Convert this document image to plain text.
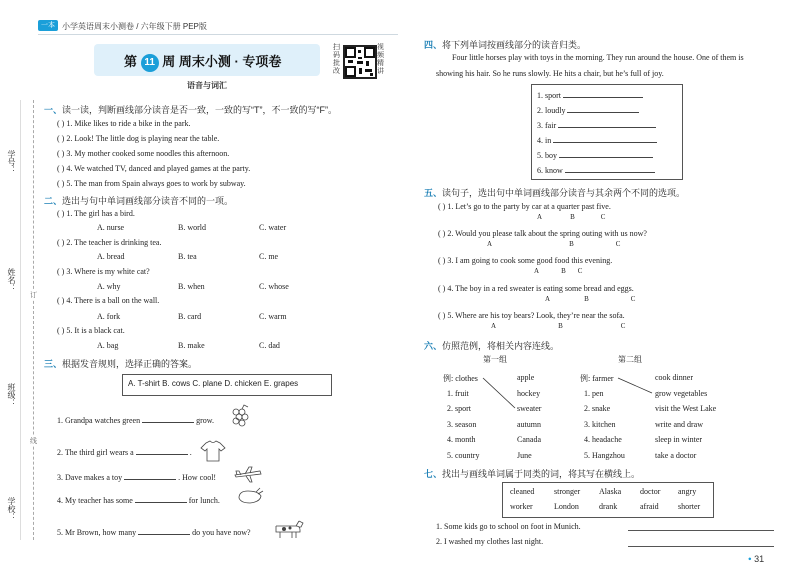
一本 小学英语周末小测卷 / 六年级下册 PEP版
第 11 周 周末小测 · 专项卷
语音与词汇
扫码批改
视频精讲
学号：
姓名：
班级：
学校：
订
线
一、读一读，判断画线部分读音是否一致，一致的写“T”，不一致的写“F”。
( ) 1. Mike likes to ride a bike in the park.
( ) 2. Look! The little dog is playing near the table.
( ) 3. My mother cooked some noodles this afternoon.
( ) 4. We watched TV, danced and played games at the party.
( ) 5. The man from Spain always goes to work by subway.
二、选出与句中单词画线部分读音不同的一项。
( ) 1. The girl has a bird.
A. nurse	B. world	C. water
( ) 2. The teacher is drinking tea.
A. bread	B. tea	C. me
( ) 3. Where is my white cat?
A. why	B. when	C. whose
( ) 4. There is a ball on the wall.
A. fork	B. card	C. warm
( ) 5. It is a black cat.
A. bag	B. make	C. dad
三、根据发音规则，选择正确的答案。
A. T-shirt B. cows C. plane D. chicken E. grapes
1. Grandpa watches green	grow.
2. The third girl wears a	.
3. Dave makes a toy	. How cool!
4. My teacher has some	for lunch.
5. Mr Brown, how many	do you have now?
四、将下列单词按画线部分的读音归类。
Four little horses play with toys in the morning. They run around the house. One of them is
showing his hair. So he runs slowly. He hits a chair, but he’s full of joy.
1. sport
2. loudly
3. fair
4. in
5. boy
6. know
五、读句子，选出句中单词画线部分读音与其余两个不同的选项。
( ) 1. Let’s go to the party by car at a quarter past five.
A	B	C
( ) 2. Would you please talk about the spring outing with us now?
A	B	C
( ) 3. I am going to cook some good food this evening.
A	B C
( ) 4. The boy in a red sweater is eating some bread and eggs.
A	B	C
( ) 5. Where are his toy bears? Look, they’re near the sofa.
A	B	C
六、仿照范例，将相关内容连线。
第一组	第二组
例: clothes	apple
1. fruit	hockey
2. sport	sweater
3. season	autumn
4. month	Canada
5. country	June
例: farmer	cook dinner
1. pen	grow vegetables
2. snake	visit the West Lake
3. kitchen	write and draw
4. headache	sleep in winter
5. Hangzhou	take a doctor
七、找出与画线单词属于同类的词，将其写在横线上。
cleaned stronger Alaska doctor angry
worker	London	drank	afraid shorter
1. Some kids go to school on foot in Munich.
2. I washed my clothes last night.
● 31
